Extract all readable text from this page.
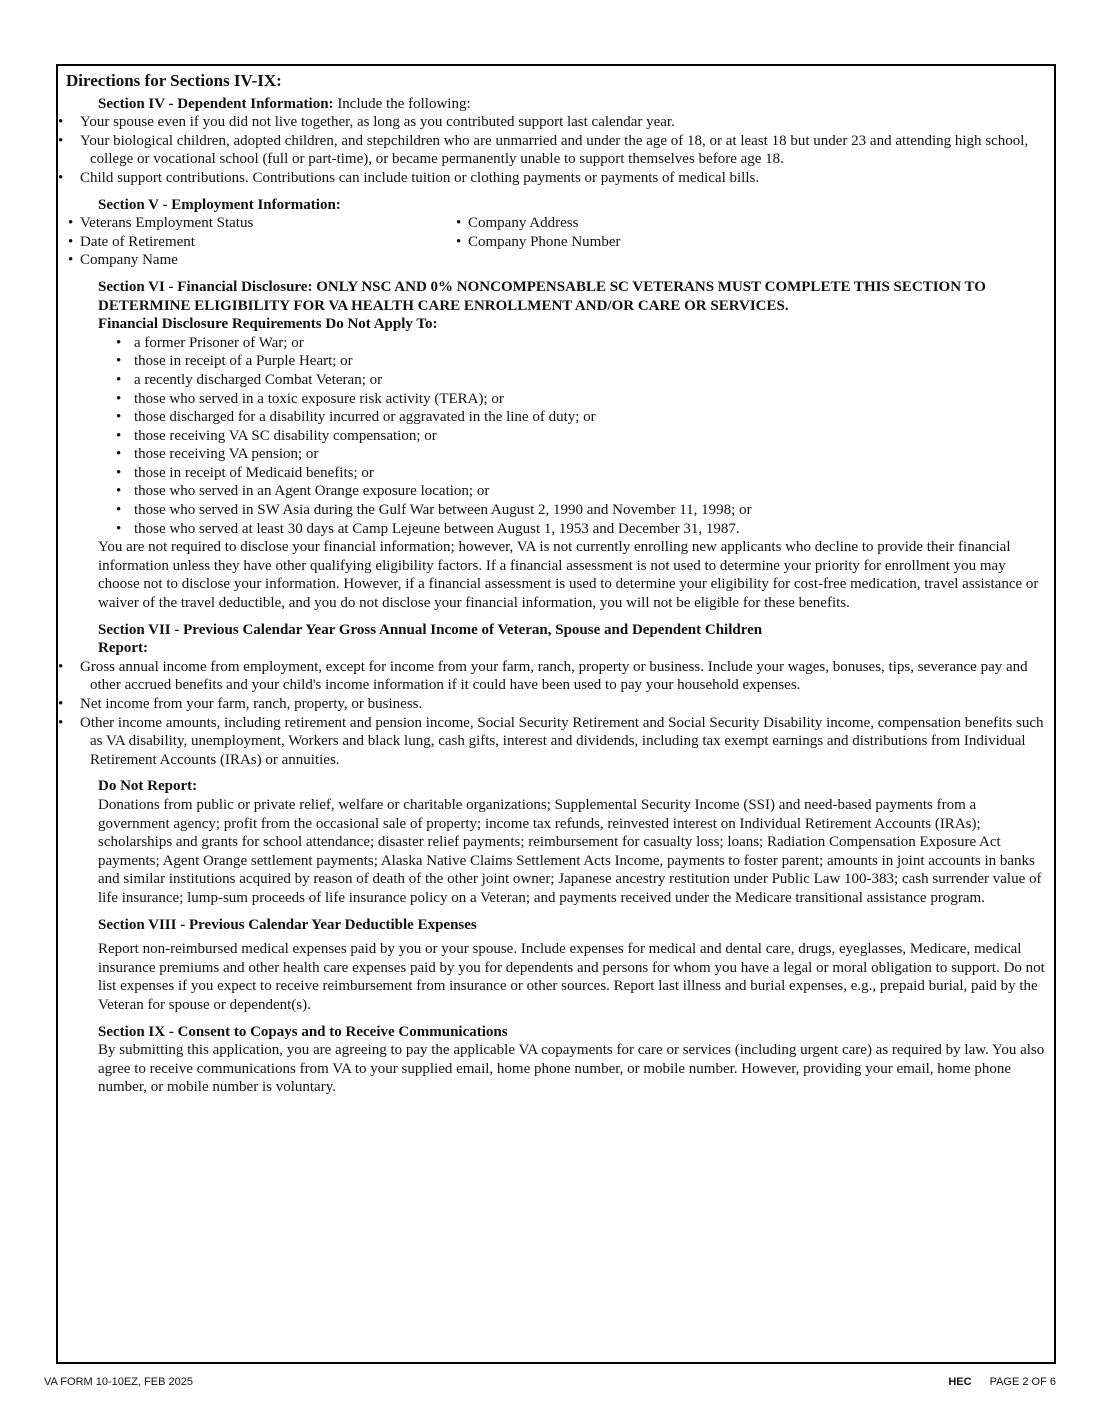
Directions for Sections IV-IX:
Section IV - Dependent Information: Include the following:
• Your spouse even if you did not live together, as long as you contributed support last calendar year.
• Your biological children, adopted children, and stepchildren who are unmarried and under the age of 18, or at least 18 but under 23 and attending high school, college or vocational school (full or part-time), or became permanently unable to support themselves before age 18.
• Child support contributions. Contributions can include tuition or clothing payments or payments of medical bills.
Section V - Employment Information:
• Veterans Employment Status
• Date of Retirement
• Company Name
• Company Address
• Company Phone Number
Section VI - Financial Disclosure: ONLY NSC AND 0% NONCOMPENSABLE SC VETERANS MUST COMPLETE THIS SECTION TO DETERMINE ELIGIBILITY FOR VA HEALTH CARE ENROLLMENT AND/OR CARE OR SERVICES.
Financial Disclosure Requirements Do Not Apply To:
• a former Prisoner of War; or
• those in receipt of a Purple Heart; or
• a recently discharged Combat Veteran; or
• those who served in a toxic exposure risk activity (TERA); or
• those discharged for a disability incurred or aggravated in the line of duty; or
• those receiving VA SC disability compensation; or
• those receiving VA pension; or
• those in receipt of Medicaid benefits; or
• those who served in an Agent Orange exposure location; or
• those who served in SW Asia during the Gulf War between August 2, 1990 and November 11, 1998; or
• those who served at least 30 days at Camp Lejeune between August 1, 1953 and December 31, 1987.

You are not required to disclose your financial information; however, VA is not currently enrolling new applicants who decline to provide their financial information unless they have other qualifying eligibility factors. If a financial assessment is not used to determine your priority for enrollment you may choose not to disclose your information. However, if a financial assessment is used to determine your eligibility for cost-free medication, travel assistance or waiver of the travel deductible, and you do not disclose your financial information, you will not be eligible for these benefits.

Section VII - Previous Calendar Year Gross Annual Income of Veteran, Spouse and Dependent Children
Report:
• Gross annual income from employment, except for income from your farm, ranch, property or business. Include your wages, bonuses, tips, severance pay and other accrued benefits and your child's income information if it could have been used to pay your household expenses.
• Net income from your farm, ranch, property, or business.
• Other income amounts, including retirement and pension income, Social Security Retirement and Social Security Disability income, compensation benefits such as VA disability, unemployment, Workers and black lung, cash gifts, interest and dividends, including tax exempt earnings and distributions from Individual Retirement Accounts (IRAs) or annuities.
Do Not Report:

Donations from public or private relief, welfare or charitable organizations; Supplemental Security Income (SSI) and need-based payments from a government agency; profit from the occasional sale of property; income tax refunds, reinvested interest on Individual Retirement Accounts (IRAs); scholarships and grants for school attendance; disaster relief payments; reimbursement for casualty loss; loans; Radiation Compensation Exposure Act payments; Agent Orange settlement payments; Alaska Native Claims Settlement Acts Income, payments to foster parent; amounts in joint accounts in banks and similar institutions acquired by reason of death of the other joint owner; Japanese ancestry restitution under Public Law 100-383; cash surrender value of life insurance; lump-sum proceeds of life insurance policy on a Veteran; and payments received under the Medicare transitional assistance program.

Section VIII - Previous Calendar Year Deductible Expenses

Report non-reimbursed medical expenses paid by you or your spouse. Include expenses for medical and dental care, drugs, eyeglasses, Medicare, medical insurance premiums and other health care expenses paid by you for dependents and persons for whom you have a legal or moral obligation to support. Do not list expenses if you expect to receive reimbursement from insurance or other sources. Report last illness and burial expenses, e.g., prepaid burial, paid by the Veteran for spouse or dependent(s).

Section IX - Consent to Copays and to Receive Communications

By submitting this application, you are agreeing to pay the applicable VA copayments for care or services (including urgent care) as required by law. You also agree to receive communications from VA to your supplied email, home phone number, or mobile number. However, providing your email, home phone number, or mobile number is voluntary.

VA FORM 10-10EZ, FEB 2025	HEC PAGE 2 OF 6
